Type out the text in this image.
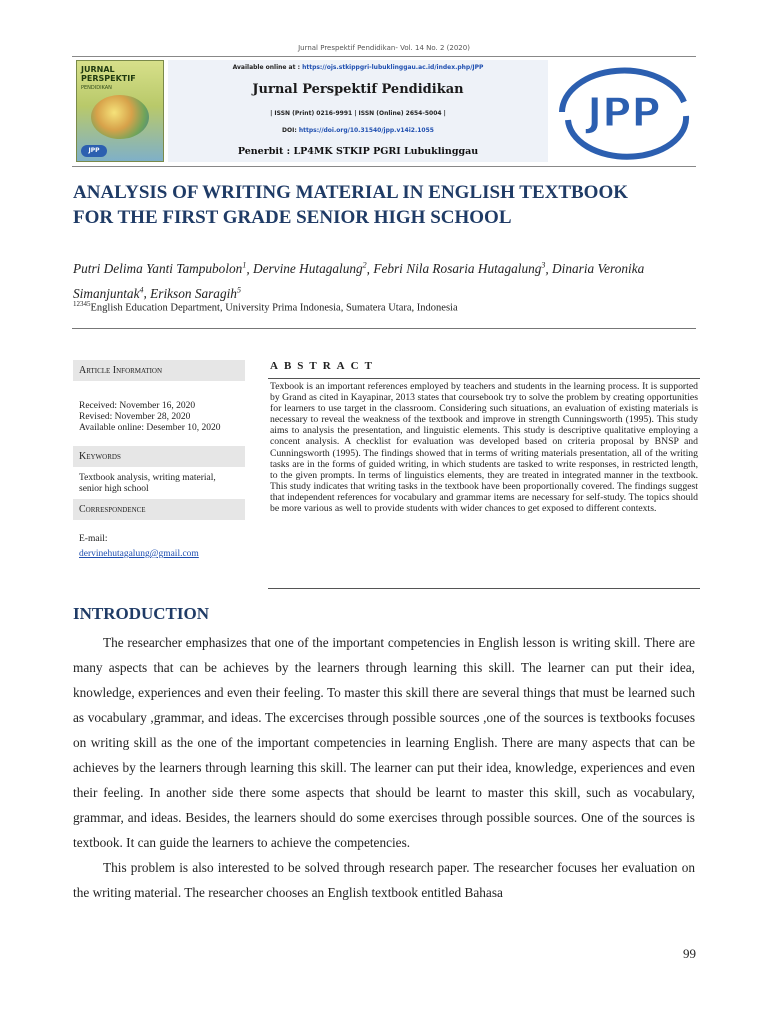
Jurnal Prespektif Pendidikan- Vol. 14 No. 2 (2020)
JURNAL PERSPEKTIF
PENDIDIKAN
JPP
Available online at : https://ojs.stkippgri-lubuklinggau.ac.id/index.php/JPP
Jurnal Perspektif Pendidikan
| ISSN (Print) 0216-9991 | ISSN (Online) 2654-5004 |
DOI: https://doi.org/10.31540/jpp.v14i2.1055
Penerbit : LP4MK STKIP PGRI Lubuklinggau
JPP
ANALYSIS OF WRITING MATERIAL IN ENGLISH TEXTBOOK
FOR THE FIRST GRADE SENIOR HIGH SCHOOL
Putri Delima Yanti Tampubolon$^1$, Dervine Hutagalung$^2$, Febri Nila Rosaria Hutagalung$^3$, Dinaria Veronika Simanjuntak$^4$, Erikson Saragih$^5$
$^{12345}$English Education Department, University Prima Indonesia, Sumatera Utara, Indonesia
Article Information
Received: November 16, 2020
Revised: November 28, 2020
Available online: Desember 10, 2020
Keywords
Textbook analysis, writing material, senior high school
Correspondence
E-mail:
dervinehutagalung@gmail.com
ABSTRACT
Texbook is an important references employed by teachers and students in the learning process. It is supported by Grand as cited in Kayapinar, 2013 states that coursebook try to solve the problem by creating opportunities for learners to use target in the classroom. Considering such situations, an evaluation of existing materials is necessary to reveal the weakness of the textbook and improve in strength Cunningsworth (1995). This study aims to analysis the presentation, and linguistic elements. This study is descriptive qualitative employing a concent analysis. A checklist for evaluation was developed based on criteria proposal by BNSP and Cunningsworth (1995). The findings showed that in terms of writing materials presentation, all of the writing tasks are in the forms of guided writing, in which students are tasked to write responses, in restricted length, to the given prompts. In terms of linguistics elements, they are treated in integrated manner in the textbook. This study indicates that writing tasks in the textbook have been proportionally covered. The findings suggest that independent references for vocabulary and grammar items are necessary for self-study. The topics should be more various as well to provide students with wider chances to get exposed to different contexts.
INTRODUCTION

The researcher emphasizes that one of the important competencies in English lesson is writing skill. There are many aspects that can be achieves by the learners through learning this skill. The learner can put their idea, knowledge, experiences and even their feeling. To master this skill there are several things that must be learned such as vocabulary ,grammar, and ideas. The excercises through possible sources ,one of the sources is textbooks focuses on writing skill as the one of the important competencies in learning English. There are many aspects that can be achieves by the learners through learning this skill. The learner can put their idea, knowledge, experiences and even their feeling. In another side there some aspects that should be learnt to master this skill, such as vocabulary, grammar, and ideas. Besides, the learners should do some exercises through possible sources. One of the sources is textbook. It can guide the learners to achieve the competencies.

This problem is also interested to be solved through research paper. The researcher focuses her evaluation on the writing material. The researcher chooses an English textbook entitled Bahasa

99
